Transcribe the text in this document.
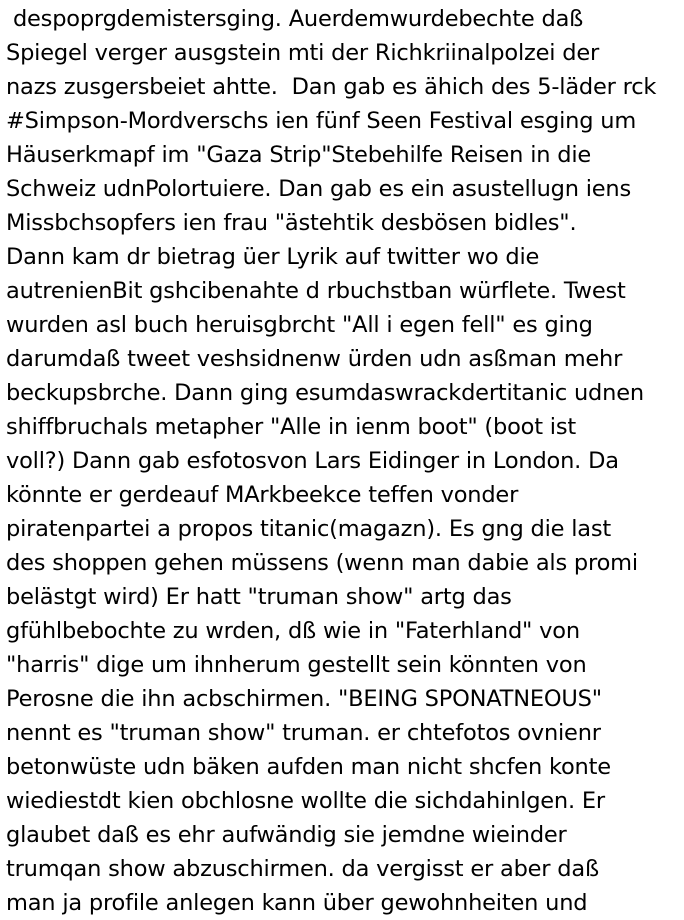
despoprgdemistersging. Auerdemwurdebechte daß
Spiegel verger ausgstein mti der Richkriinalpolzei der
nazs zusgersbeiet ahtte.  Dan gab es ähich des 5-läder rck
#Simpson-Mordverschs ien fünf Seen Festival esging um
Häuserkmapf im "Gaza Strip"Stebehilfe Reisen in die
Schweiz udnPolortuiere. Dan gab es ein asustellugn iens
Missbchsopfers ien frau "ästehtik desbösen bidles".
Dann kam dr bietrag üer Lyrik auf twitter wo die
autrenienBit gshcibenahte d rbuchstban würflete. Twest
wurden asl buch heruisgbrcht "All i egen fell" es ging
darumdaß tweet veshsidnenw ürden udn asßman mehr
beckupsbrche. Dann ging esumdaswrackdertitanic udnen
shiffbruchals metapher "Alle in ienm boot" (boot ist
voll?) Dann gab esfotosvon Lars Eidinger in London. Da
könnte er gerdeauf MArkbeekce teffen vonder
piratenpartei a propos titanic(magazn). Es gng die last
des shoppen gehen müssens (wenn man dabie als promi
belästgt wird) Er hatt "truman show" artg das
gfühlbebochte zu wrden, dß wie in "Faterhland" von
"harris" dige um ihnherum gestellt sein könnten von
Perosne die ihn acbschirmen. "BEING SPONATNEOUS"
nennt es "truman show" truman. er chtefotos ovnienr
betonwüste udn bäken aufden man nicht shcfen konte
wiediestdt kien obchlosne wollte die sichdahinlgen. Er
glaubet daß es ehr aufwändig sie jemdne wieinder
trumqan show abzuschirmen. da vergisst er aber daß
man ja profile anlegen kann über gewohnheiten und
